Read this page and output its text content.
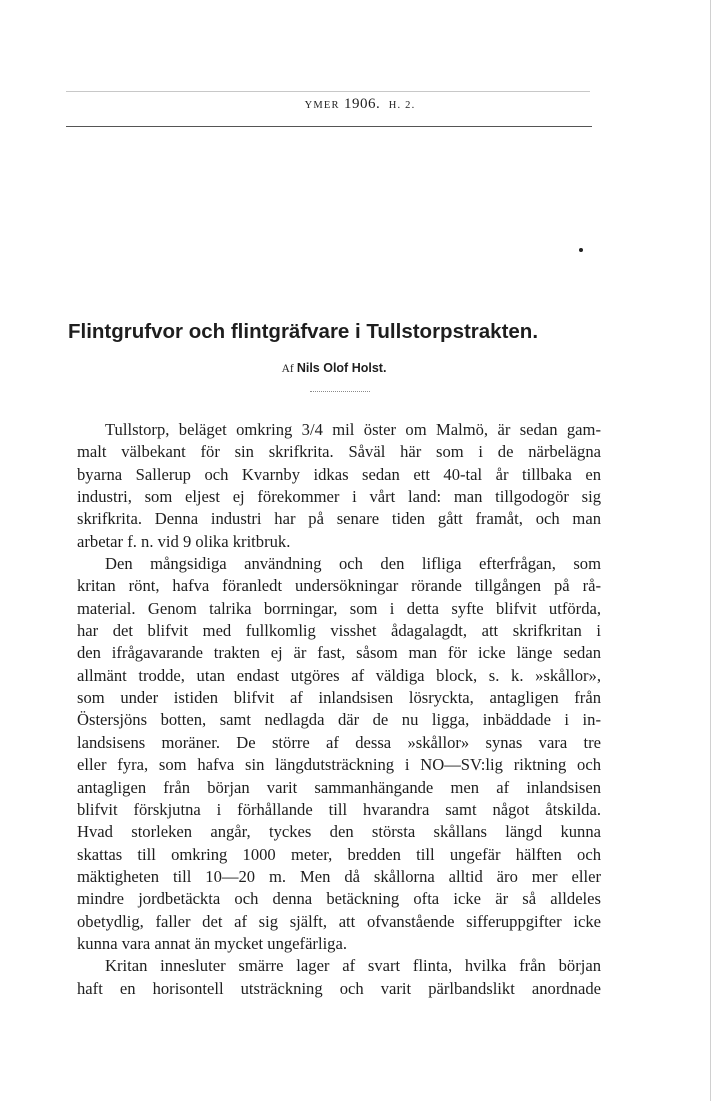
YMER 1906. H. 2.
Flintgrufvor och flintgräfvare i Tullstorpstrakten.
Af Nils Olof Holst.
Tullstorp, beläget omkring 3/4 mil öster om Malmö, är sedan gam-
malt välbekant för sin skrifkrita. Såväl här som i de närbelägna
byarna Sallerup och Kvarnby idkas sedan ett 40-tal år tillbaka en
industri, som eljest ej förekommer i vårt land: man tillgodogör sig
skrifkrita. Denna industri har på senare tiden gått framåt, och man
arbetar f. n. vid 9 olika kritbruk.
Den mångsidiga användning och den lifliga efterfrågan, som
kritan rönt, hafva föranledt undersökningar rörande tillgången på rå-
material. Genom talrika borrningar, som i detta syfte blifvit utförda,
har det blifvit med fullkomlig visshet ådagalagdt, att skrifkritan i
den ifrågavarande trakten ej är fast, såsom man för icke länge sedan
allmänt trodde, utan endast utgöres af väldiga block, s. k. »skållor»,
som under istiden blifvit af inlandsisen lösryckta, antagligen från
Östersjöns botten, samt nedlagda där de nu ligga, inbäddade i in-
landsisens moräner. De större af dessa »skållor» synas vara tre
eller fyra, som hafva sin längdutsträckning i NO—SV:lig riktning och
antagligen från början varit sammanhängande men af inlandsisen
blifvit förskjutna i förhållande till hvarandra samt något åtskilda.
Hvad storleken angår, tyckes den största skållans längd kunna
skattas till omkring 1000 meter, bredden till ungefär hälften och
mäktigheten till 10—20 m. Men då skållorna alltid äro mer eller
mindre jordbetäckta och denna betäckning ofta icke är så alldeles
obetydlig, faller det af sig själft, att ofvanstående sifferuppgifter icke
kunna vara annat än mycket ungefärliga.
Kritan innesluter smärre lager af svart flinta, hvilka från början
haft en horisontell utsträckning och varit pärlbandslikt anordnade
